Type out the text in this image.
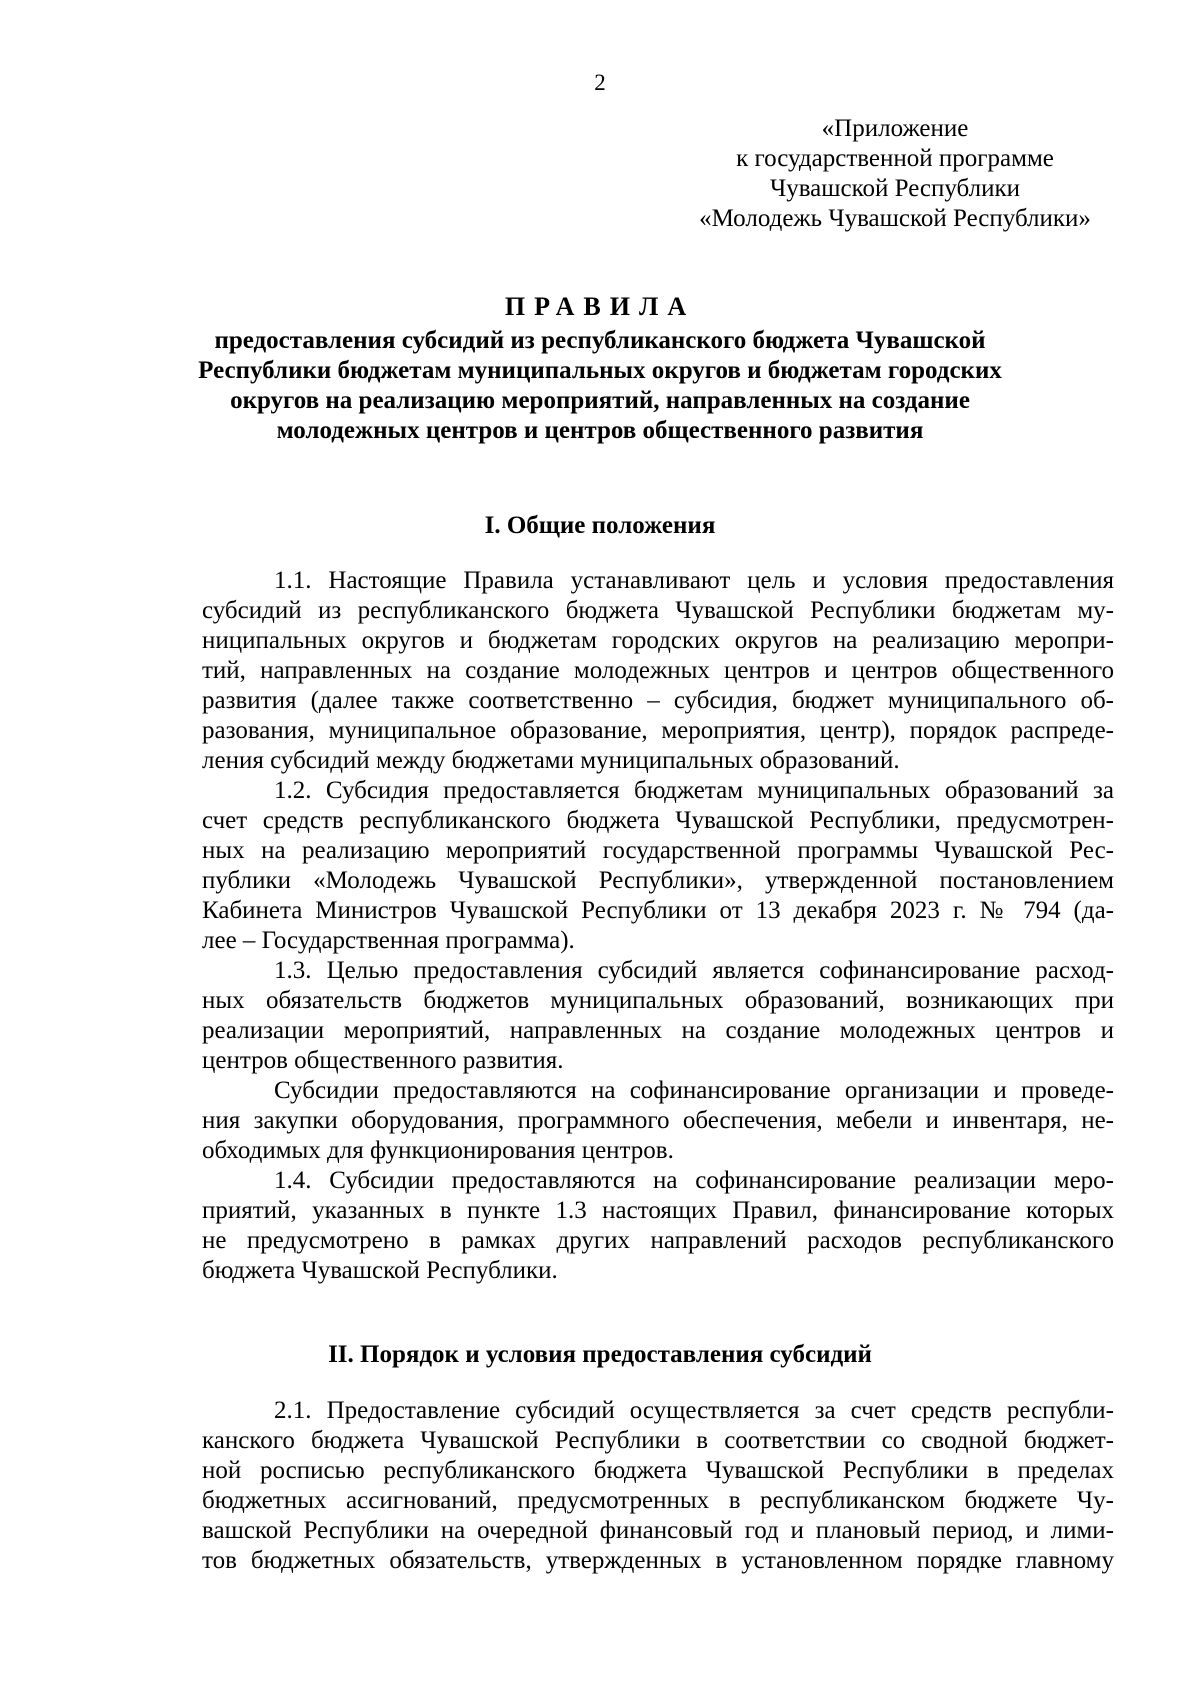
2
«Приложение
к государственной программе
Чувашской Республики
«Молодежь Чувашской Республики»
ПРАВИЛА
предоставления субсидий из республиканского бюджета Чувашской
Республики бюджетам муниципальных округов и бюджетам городских
округов на реализацию мероприятий, направленных на создание
молодежных центров и центров общественного развития
I. Общие положения
1.1. Настоящие Правила устанавливают цель и условия предоставления
субсидий из республиканского бюджета Чувашской Республики бюджетам му-
ниципальных округов и бюджетам городских округов на реализацию меропри-
тий, направленных на создание молодежных центров и центров общественного
развития (далее также соответственно – субсидия, бюджет муниципального об-
разования, муниципальное образование, мероприятия, центр), порядок распреде-
ления субсидий между бюджетами муниципальных образований.
1.2. Субсидия предоставляется бюджетам муниципальных образований за
счет средств республиканского бюджета Чувашской Республики, предусмотрен-
ных на реализацию мероприятий государственной программы Чувашской Рес-
публики «Молодежь Чувашской Республики», утвержденной постановлением
Кабинета Министров Чувашской Республики от 13 декабря 2023 г. № 794 (да-
лее – Государственная программа).
1.3. Целью предоставления субсидий является софинансирование расход-
ных обязательств бюджетов муниципальных образований, возникающих при
реализации мероприятий, направленных на создание молодежных центров и
центров общественного развития.
Субсидии предоставляются на софинансирование организации и проведе-
ния закупки оборудования, программного обеспечения, мебели и инвентаря, не-
обходимых для функционирования центров.
1.4. Субсидии предоставляются на софинансирование реализации меро-
приятий, указанных в пункте 1.3 настоящих Правил, финансирование которых
не предусмотрено в рамках других направлений расходов республиканского
бюджета Чувашской Республики.
II. Порядок и условия предоставления субсидий
2.1. Предоставление субсидий осуществляется за счет средств республи-
канского бюджета Чувашской Республики в соответствии со сводной бюджет-
ной росписью республиканского бюджета Чувашской Республики в пределах
бюджетных ассигнований, предусмотренных в республиканском бюджете Чу-
вашской Республики на очередной финансовый год и плановый период, и лими-
тов бюджетных обязательств, утвержденных в установленном порядке главному
